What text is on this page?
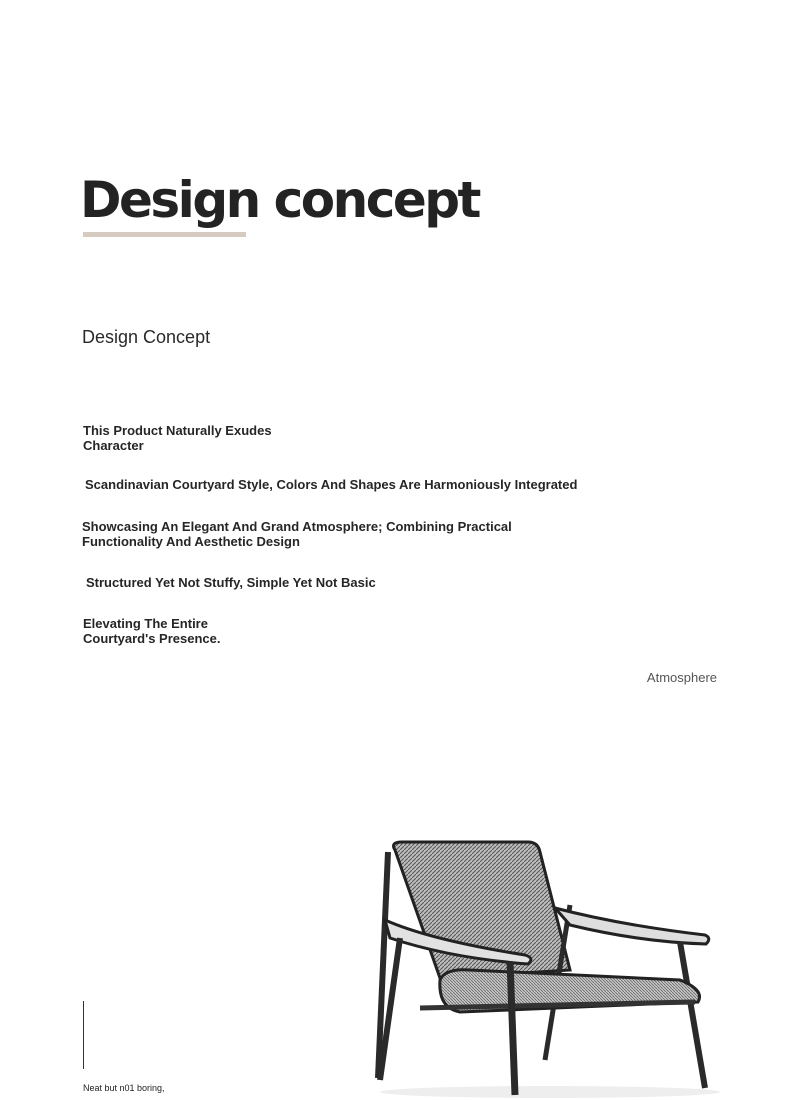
Design concept
Design Concept
This Product Naturally Exudes Character
Scandinavian Courtyard Style, Colors And Shapes Are Harmoniously Integrated
Showcasing An Elegant And Grand Atmosphere; Combining Practical Functionality And Aesthetic Design
Structured Yet Not Stuffy, Simple Yet Not Basic
Elevating The Entire Courtyard's Presence.
Atmosphere
Neat but n01 boring,
